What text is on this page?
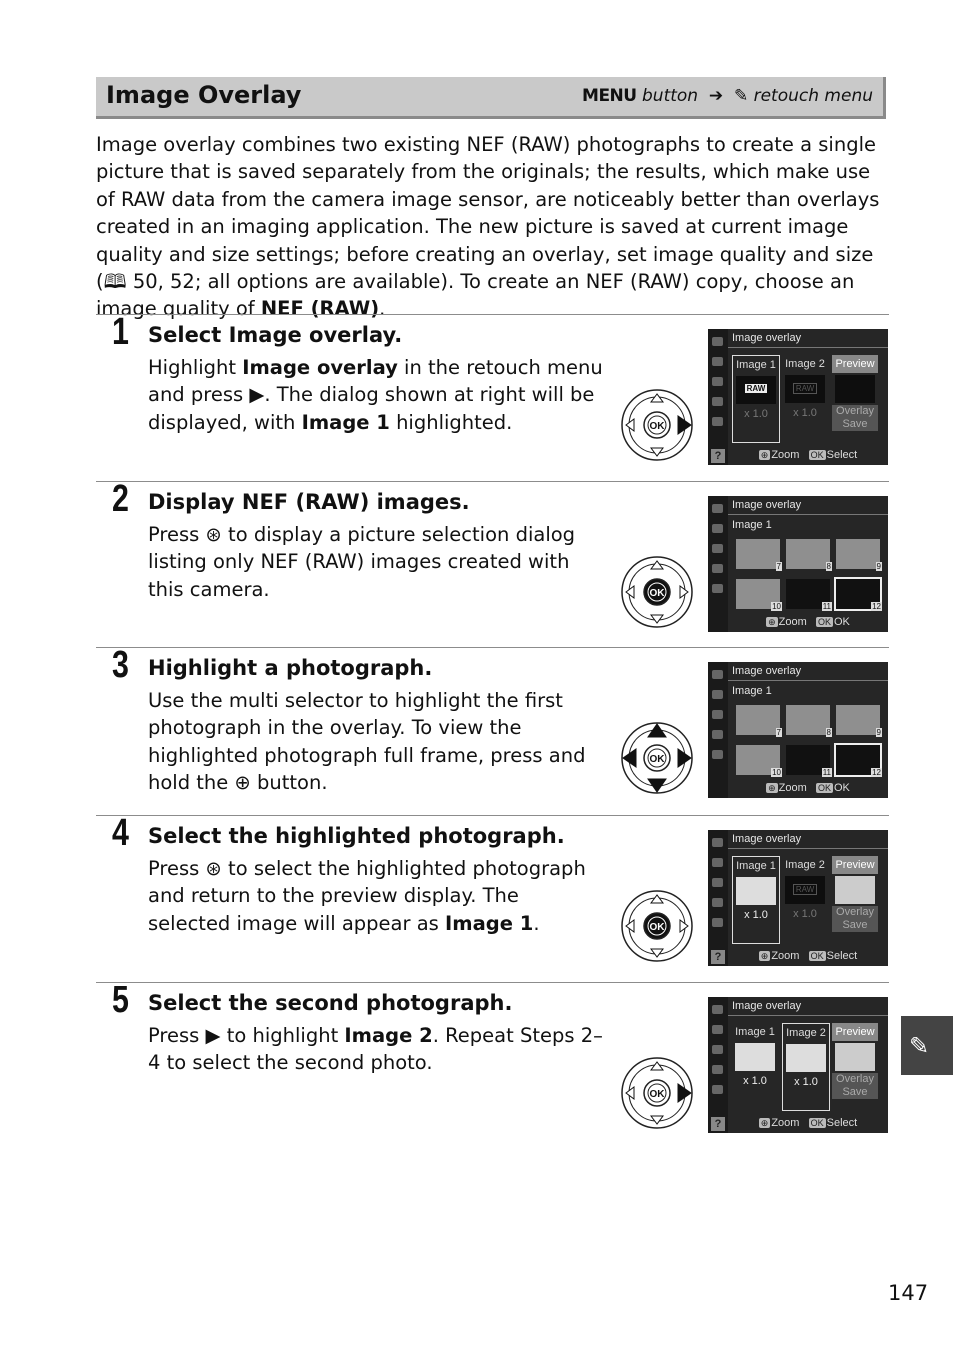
Image Overlay	MENU button ➔ ✎ retouch menu
Image overlay combines two existing NEF (RAW) photographs to create a single picture that is saved separately from the originals; the results, which make use of RAW data from the camera image sensor, are noticeably better than overlays created in an imaging application. The new picture is saved at current image quality and size settings; before creating an overlay, set image quality and size (🕮 50, 52; all options are available). To create an NEF (RAW) copy, choose an image quality of NEF (RAW).
1 Select Image overlay.
Highlight Image overlay in the retouch menu and press ▶. The dialog shown at right will be displayed, with Image 1 highlighted.	OK
?
Image overlay
Image 1
RAW
x 1.0
Image 2
RAW
x 1.0
Preview
Overlay
Save
⊕ Zoom OK Select
2 Display NEF (RAW) images.
Press ⊛ to display a picture selection dialog listing only NEF (RAW) images created with this camera.	OK
Image overlay
Image 1
7	8	9
10	11	12
⊕ Zoom OK OK
3 Highlight a photograph.
Use the multi selector to highlight the first photograph in the overlay. To view the highlighted photograph full frame, press and hold the ⊕ button.
OK
Image overlay
Image 1
7	8	9
10	11	12
⊕ Zoom OK OK
4 Select the highlighted photograph.
Press ⊛ to select the highlighted photograph and return to the preview display. The selected image will appear as Image 1.	OK
?
Image overlay
Image 1
x 1.0
Image 2
RAW
x 1.0
Preview
Overlay
Save
⊕ Zoom OK Select
5 Select the second photograph.
Press ▶ to highlight Image 2. Repeat Steps 2–4 to select the second photo.
OK
?
Image overlay
Image 1
x 1.0
Image 2
x 1.0
Preview
Overlay
Save
⊕ Zoom OK Select
✎
147
